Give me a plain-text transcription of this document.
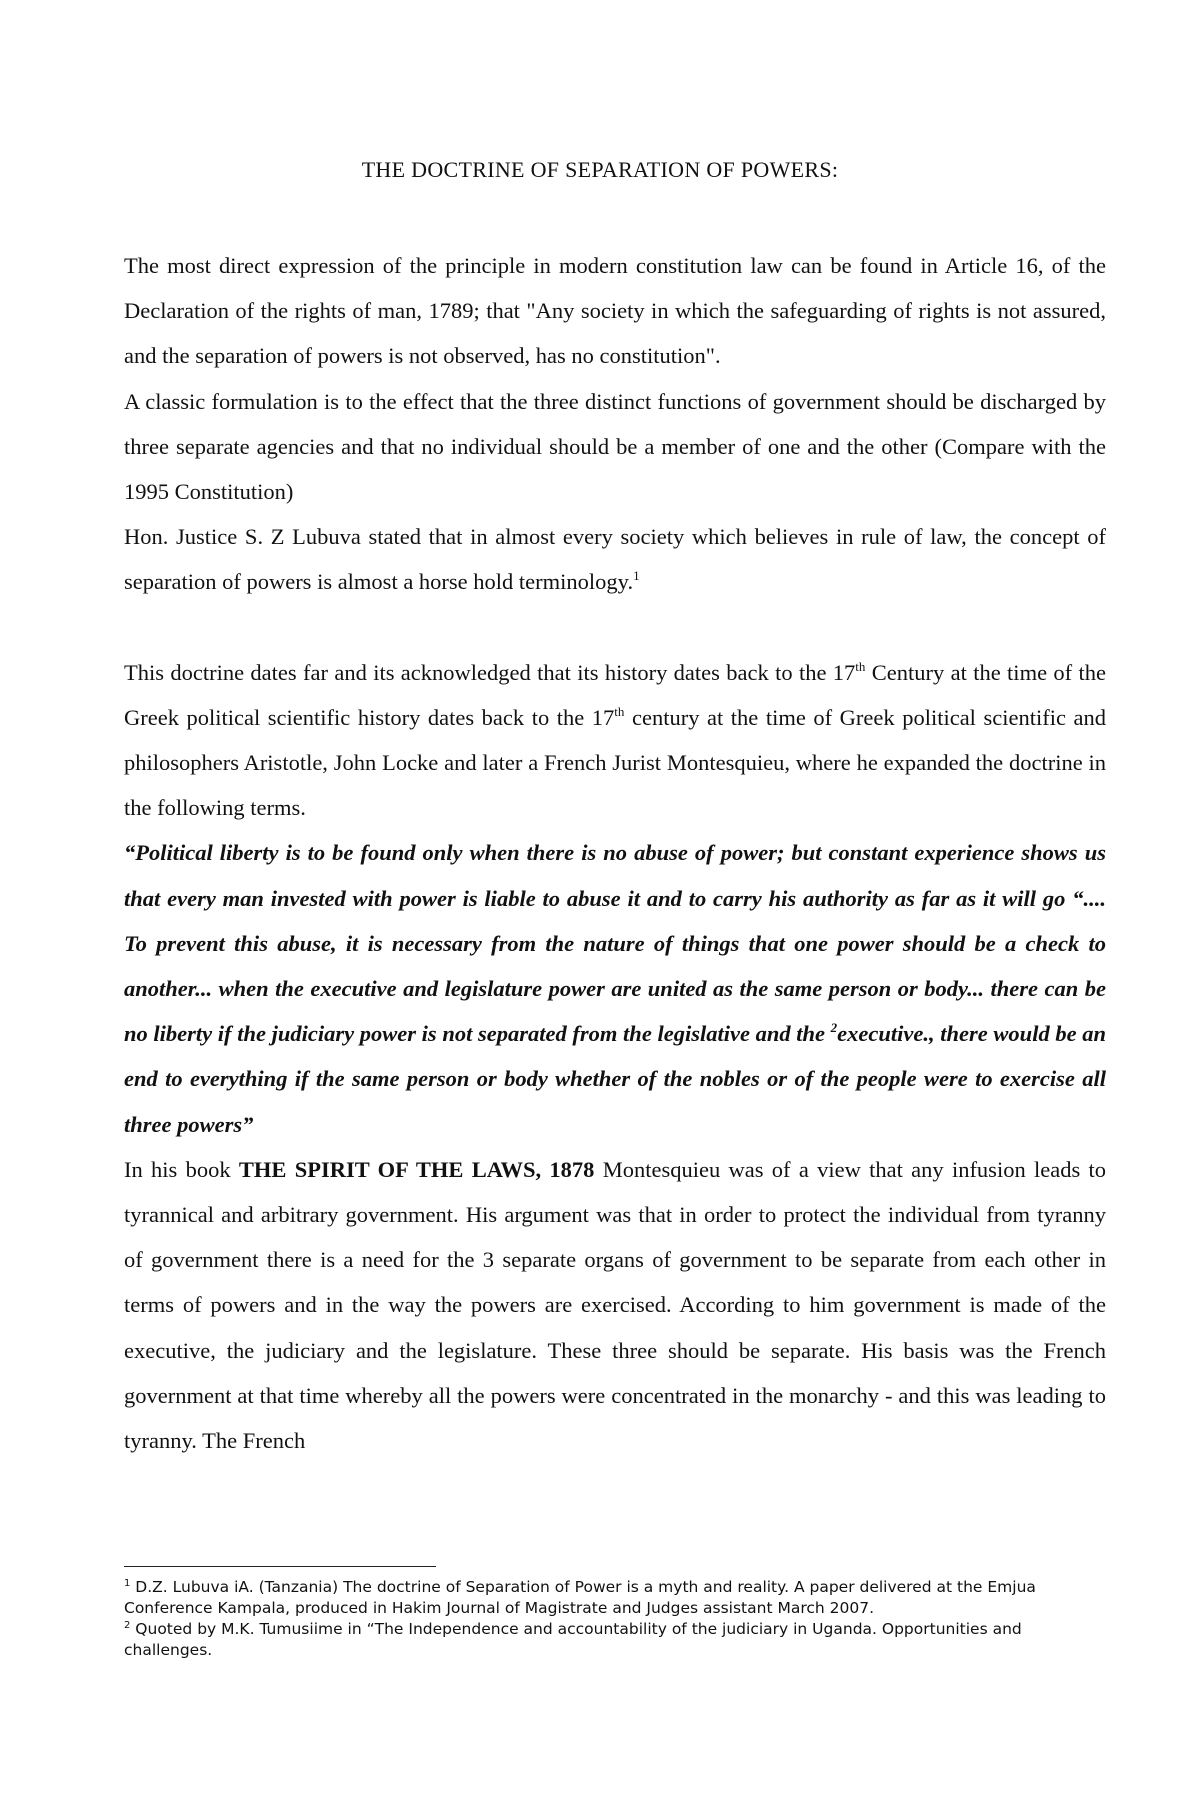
THE DOCTRINE OF SEPARATION OF POWERS:

The most direct expression of the principle in modern constitution law can be found in Article 16, of the Declaration of the rights of man, 1789; that "Any society in which the safeguarding of rights is not assured, and the separation of powers is not observed, has no constitution".

A classic formulation is to the effect that the three distinct functions of government should be discharged by three separate agencies and that no individual should be a member of one and the other (Compare with the 1995 Constitution)

Hon. Justice S. Z Lubuva stated that in almost every society which believes in rule of law, the concept of separation of powers is almost a horse hold terminology.$^1$

This doctrine dates far and its acknowledged that its history dates back to the 17th Century at the time of the Greek political scientific history dates back to the 17th century at the time of Greek political scientific and philosophers Aristotle, John Locke and later a French Jurist Montesquieu, where he expanded the doctrine in the following terms.

“Political liberty is to be found only when there is no abuse of power; but constant experience shows us that every man invested with power is liable to abuse it and to carry his authority as far as it will go “.... To prevent this abuse, it is necessary from the nature of things that one power should be a check to another... when the executive and legislature power are united as the same person or body... there can be no liberty if the judiciary power is not separated from the legislative and the $^2$executive., there would be an end to everything if the same person or body whether of the nobles or of the people were to exercise all three powers”

In his book THE SPIRIT OF THE LAWS, 1878 Montesquieu was of a view that any infusion leads to tyrannical and arbitrary government. His argument was that in order to protect the individual from tyranny of government there is a need for the 3 separate organs of government to be separate from each other in terms of powers and in the way the powers are exercised. According to him government is made of the executive, the judiciary and the legislature. These three should be separate. His basis was the French government at that time whereby all the powers were concentrated in the monarchy - and this was leading to tyranny. The French

$^1$ D.Z. Lubuva iA. (Tanzania) The doctrine of Separation of Power is a myth and reality. A paper delivered at the Emjua Conference Kampala, produced in Hakim Journal of Magistrate and Judges assistant March 2007.

$^2$ Quoted by M.K. Tumusiime in “The Independence and accountability of the judiciary in Uganda. Opportunities and challenges.
